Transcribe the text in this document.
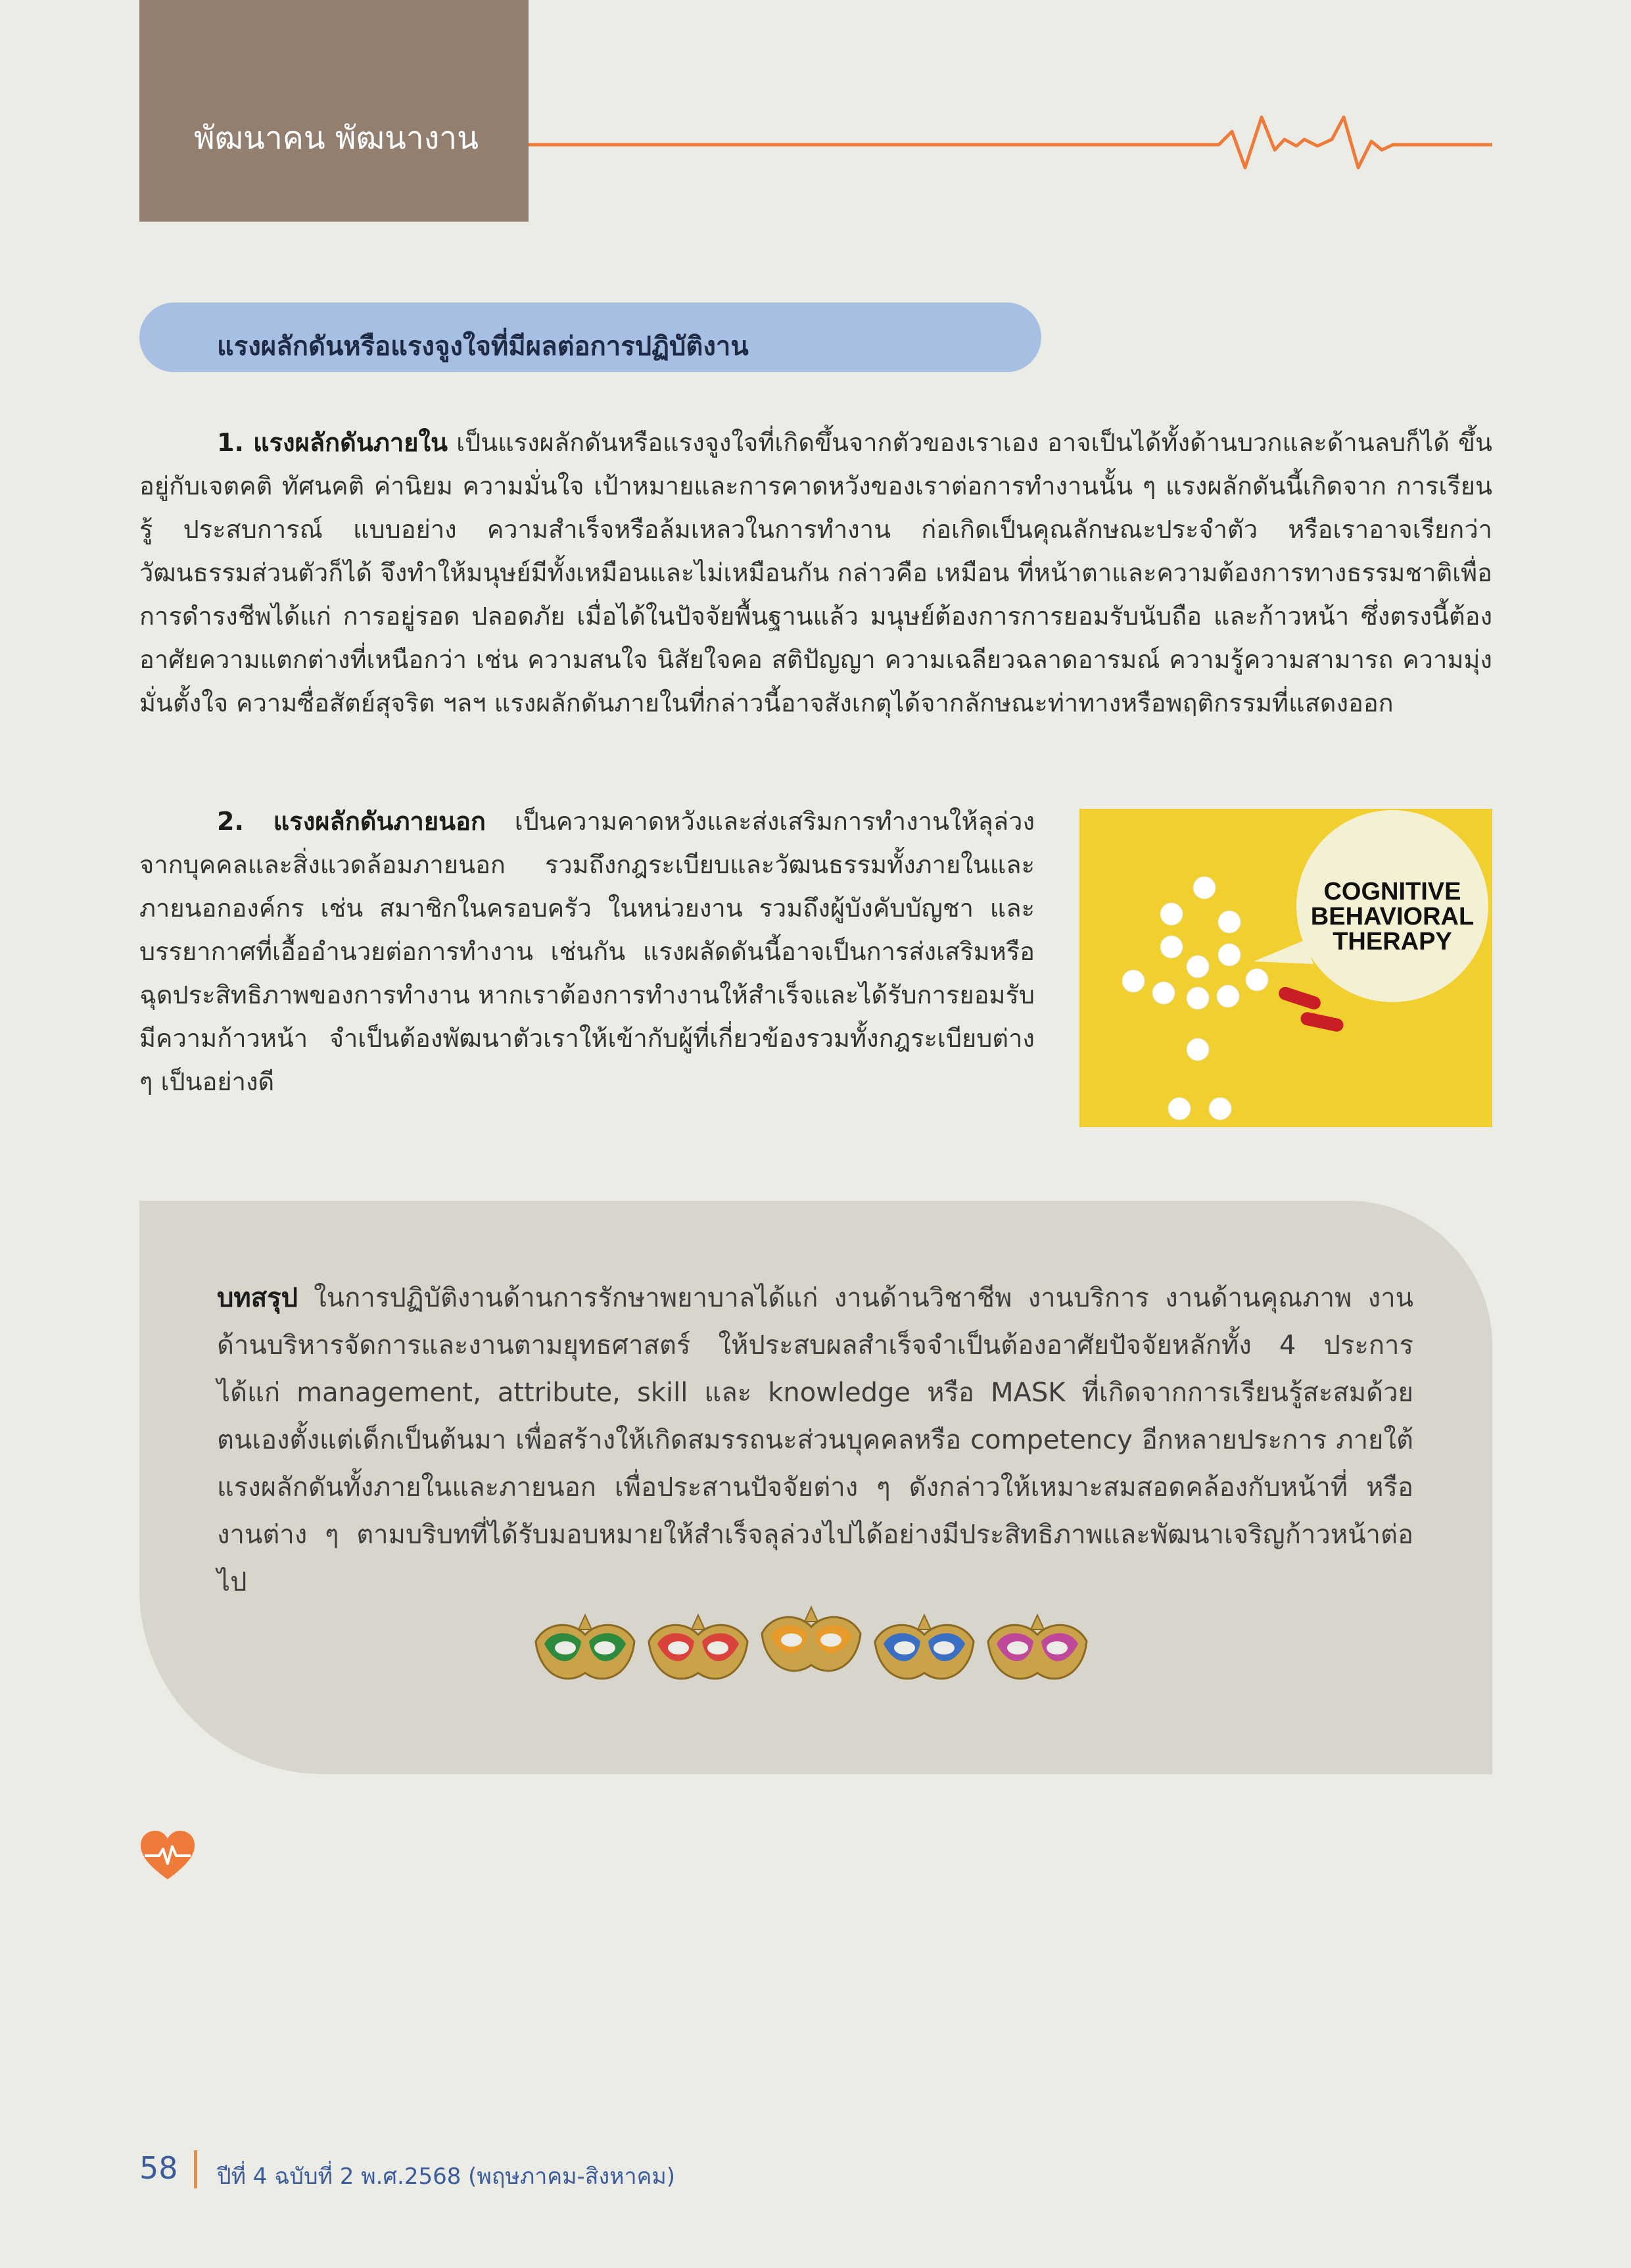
พัฒนาคน พัฒนางาน
แรงผลักดันหรือแรงจูงใจที่มีผลต่อการปฏิบัติงาน
1. แรงผลักดันภายใน เป็นแรงผลักดันหรือแรงจูงใจที่เกิดขึ้นจากตัวของเราเอง อาจเป็นได้ทั้งด้านบวกและด้านลบก็ได้ ขึ้นอยู่กับเจตคติ ทัศนคติ ค่านิยม ความมั่นใจ เป้าหมายและการคาดหวังของเราต่อการทำงานนั้น ๆ แรงผลักดันนี้เกิดจาก การเรียนรู้ ประสบการณ์ แบบอย่าง ความสำเร็จหรือล้มเหลวในการทำงาน ก่อเกิดเป็นคุณลักษณะประจำตัว หรือเราอาจเรียกว่า วัฒนธรรมส่วนตัวก็ได้ จึงทำให้มนุษย์มีทั้งเหมือนและไม่เหมือนกัน กล่าวคือ เหมือน ที่หน้าตาและความต้องการทางธรรมชาติเพื่อการดำรงชีพได้แก่ การอยู่รอด ปลอดภัย เมื่อได้ในปัจจัยพื้นฐานแล้ว มนุษย์ต้องการการยอมรับนับถือ และก้าวหน้า ซึ่งตรงนี้ต้องอาศัยความแตกต่างที่เหนือกว่า เช่น ความสนใจ นิสัยใจคอ สติปัญญา ความเฉลียวฉลาดอารมณ์ ความรู้ความสามารถ ความมุ่งมั่นตั้งใจ ความซื่อสัตย์สุจริต ฯลฯ แรงผลักดันภายในที่กล่าวนี้อาจสังเกตุได้จากลักษณะท่าทางหรือพฤติกรรมที่แสดงออก
2. แรงผลักดันภายนอก เป็นความคาดหวังและส่งเสริมการทำงานให้ลุล่วงจากบุคคลและสิ่งแวดล้อมภายนอก รวมถึงกฎระเบียบและวัฒนธรรมทั้งภายในและภายนอกองค์กร เช่น สมาชิกในครอบครัว ในหน่วยงาน รวมถึงผู้บังคับบัญชา และบรรยากาศที่เอื้ออำนวยต่อการทำงาน เช่นกัน แรงผลัดดันนี้อาจเป็นการส่งเสริมหรือฉุดประสิทธิภาพของการทำงาน หากเราต้องการทำงานให้สำเร็จและได้รับการยอมรับ มีความก้าวหน้า จำเป็นต้องพัฒนาตัวเราให้เข้ากับผู้ที่เกี่ยวข้องรวมทั้งกฎระเบียบต่าง ๆ เป็นอย่างดี
COGNITIVE
BEHAVIORAL
THERAPY
บทสรุป ในการปฏิบัติงานด้านการรักษาพยาบาลได้แก่ งานด้านวิชาชีพ งานบริการ งานด้านคุณภาพ งานด้านบริหารจัดการและงานตามยุทธศาสตร์ ให้ประสบผลสำเร็จจำเป็นต้องอาศัยปัจจัยหลักทั้ง 4 ประการ ได้แก่ management, attribute, skill และ knowledge หรือ MASK ที่เกิดจากการเรียนรู้สะสมด้วยตนเองตั้งแต่เด็กเป็นต้นมา เพื่อสร้างให้เกิดสมรรถนะส่วนบุคคลหรือ competency อีกหลายประการ ภายใต้แรงผลักดันทั้งภายในและภายนอก เพื่อประสานปัจจัยต่าง ๆ ดังกล่าวให้เหมาะสมสอดคล้องกับหน้าที่ หรืองานต่าง ๆ ตามบริบทที่ได้รับมอบหมายให้สำเร็จลุล่วงไปได้อย่างมีประสิทธิภาพและพัฒนาเจริญก้าวหน้าต่อไป
58 ปีที่ 4 ฉบับที่ 2 พ.ศ.2568 (พฤษภาคม-สิงหาคม)
